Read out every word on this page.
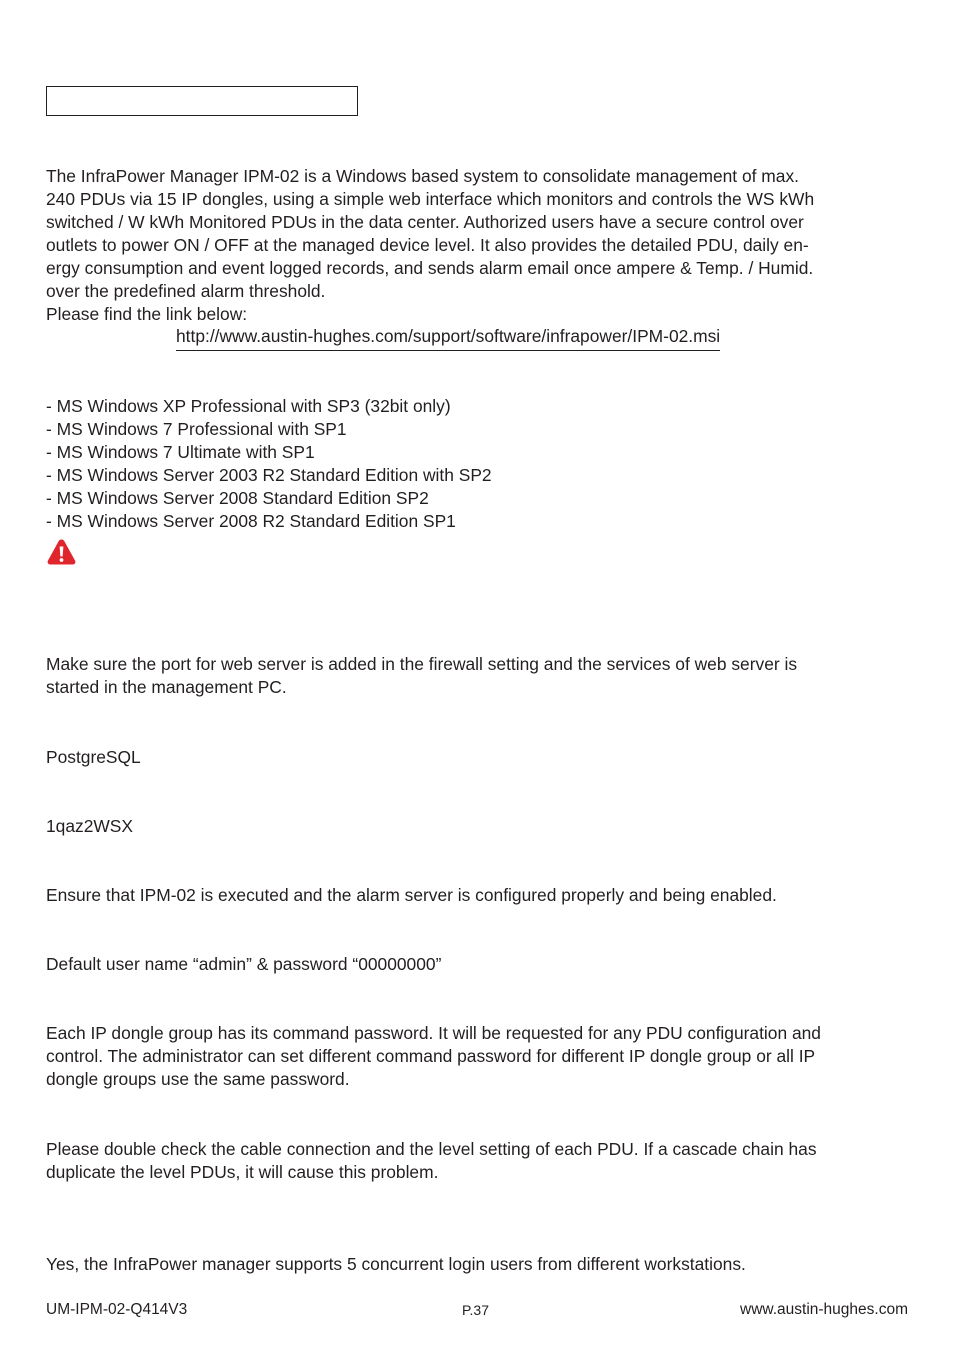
The InfraPower Manager IPM-02 is a Windows based system to consolidate management of max.
240 PDUs via 15 IP dongles, using a simple web interface which monitors and controls the WS kWh
switched / W kWh Monitored PDUs in the data center. Authorized users have a secure control over
outlets to power ON / OFF at the managed device level. It also provides the detailed PDU, daily en-
ergy consumption and event logged records, and sends alarm email once ampere & Temp. / Humid.
over the predefined alarm threshold.

Please find the link below:
http://www.austin-hughes.com/support/software/infrapower/IPM-02.msi
- MS Windows XP Professional with SP3 (32bit only)
- MS Windows 7 Professional with SP1
- MS Windows 7 Ultimate with SP1
- MS Windows Server 2003 R2 Standard Edition with SP2
- MS Windows Server 2008 Standard Edition SP2
- MS Windows Server 2008 R2 Standard Edition SP1

Make sure the port for web server is added in the firewall setting and the services of web server is
started in the management PC.

PostgreSQL
1qaz2WSX
Ensure that IPM-02 is executed and the alarm server is configured properly and being enabled.
Default user name “admin” & password “00000000”

Each IP dongle group has its command password. It will be requested for any PDU configuration and
control. The administrator can set different command password for different IP dongle group or all IP
dongle groups use the same password.

Please double check the cable connection and the level setting of each PDU. If a cascade chain has
duplicate the level PDUs, it will cause this problem.

Yes, the InfraPower manager supports 5 concurrent login users from different workstations.
UM-IPM-02-Q414V3	P.37	www.austin-hughes.com
